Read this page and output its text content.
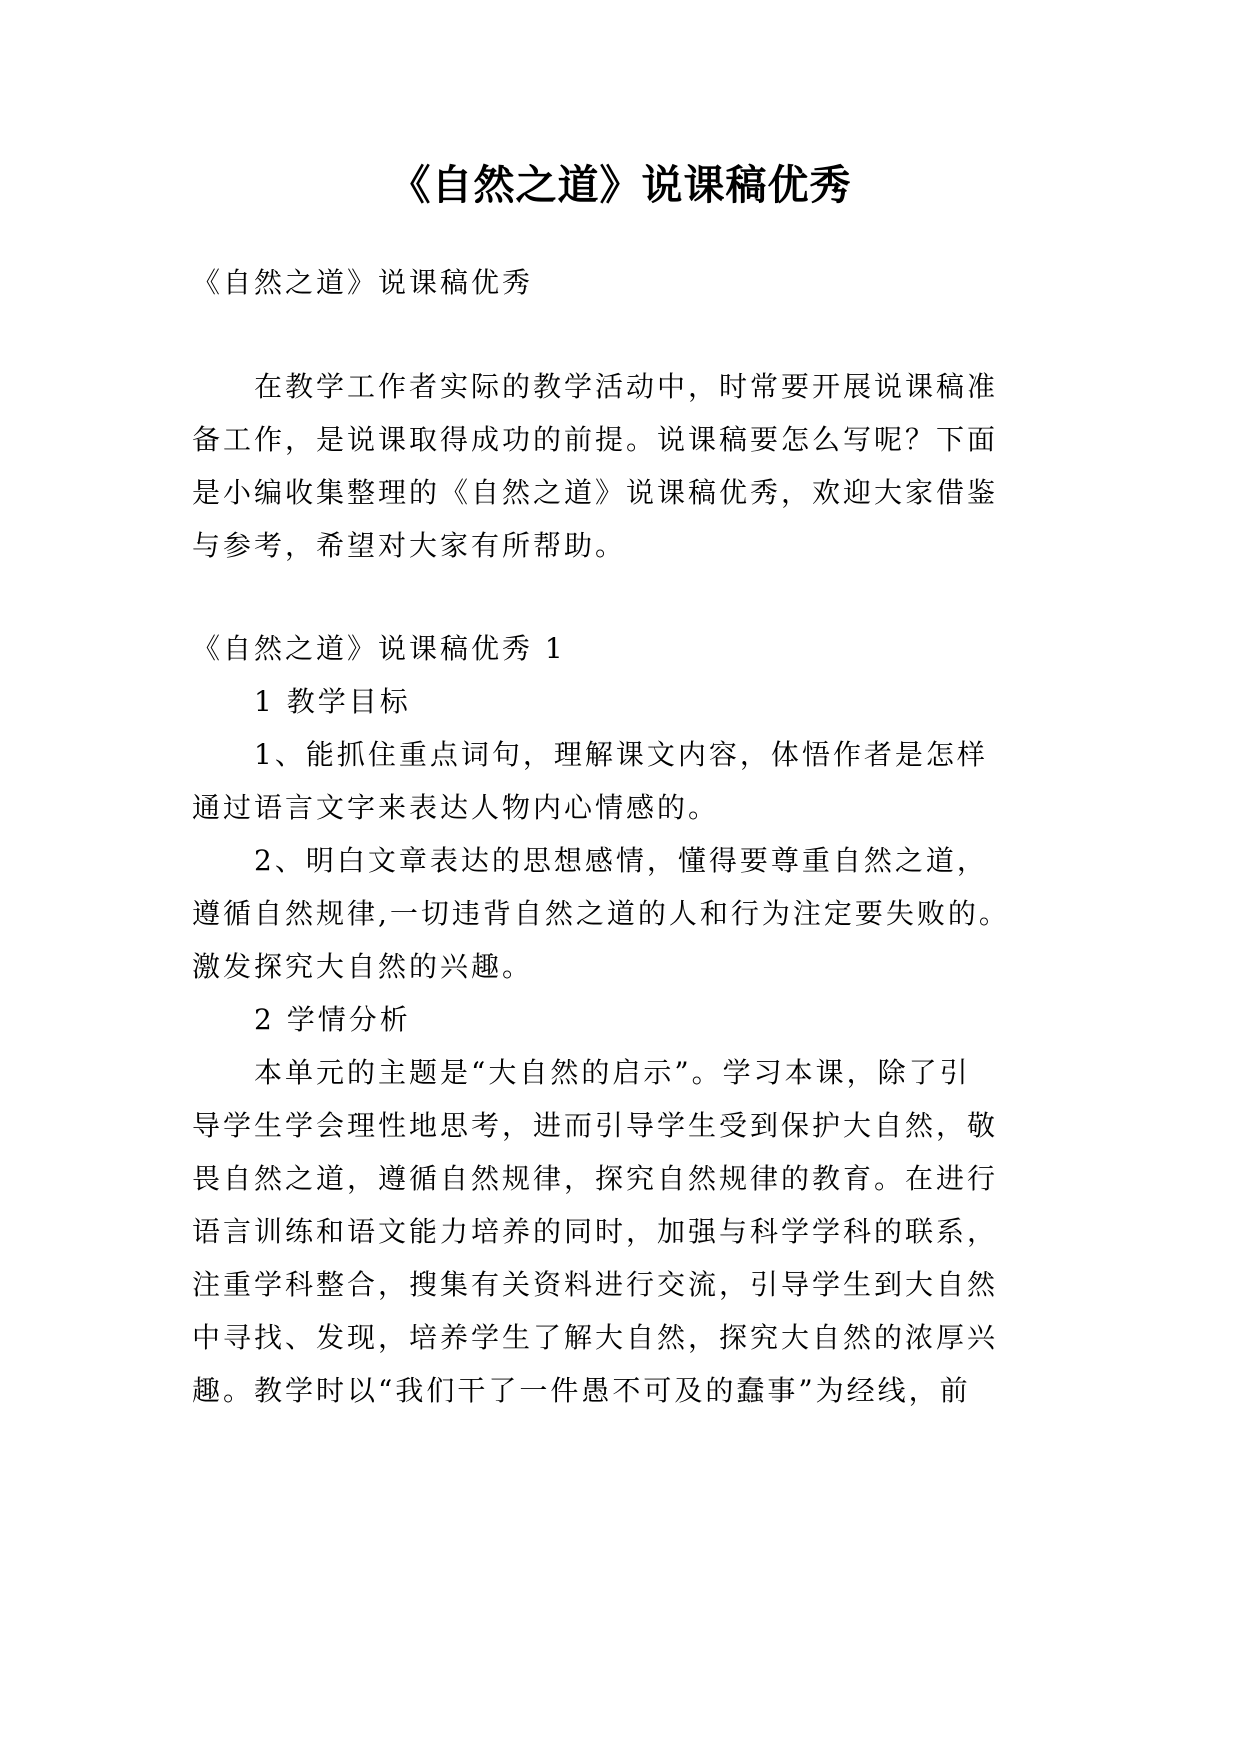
《自然之道》说课稿优秀
《自然之道》说课稿优秀
在教学工作者实际的教学活动中，时常要开展说课稿准
备工作，是说课取得成功的前提。说课稿要怎么写呢？下面
是小编收集整理的《自然之道》说课稿优秀，欢迎大家借鉴
与参考，希望对大家有所帮助。
《自然之道》说课稿优秀 1
1 教学目标
1、能抓住重点词句，理解课文内容，体悟作者是怎样
通过语言文字来表达人物内心情感的。
2、明白文章表达的思想感情，懂得要尊重自然之道，
遵循自然规律,一切违背自然之道的人和行为注定要失败的。
激发探究大自然的兴趣。
2 学情分析
本单元的主题是“大自然的启示”。学习本课，除了引
导学生学会理性地思考，进而引导学生受到保护大自然，敬
畏自然之道，遵循自然规律，探究自然规律的教育。在进行
语言训练和语文能力培养的同时，加强与科学学科的联系，
注重学科整合，搜集有关资料进行交流，引导学生到大自然
中寻找、发现，培养学生了解大自然，探究大自然的浓厚兴
趣。教学时以“我们干了一件愚不可及的蠢事”为经线，前
